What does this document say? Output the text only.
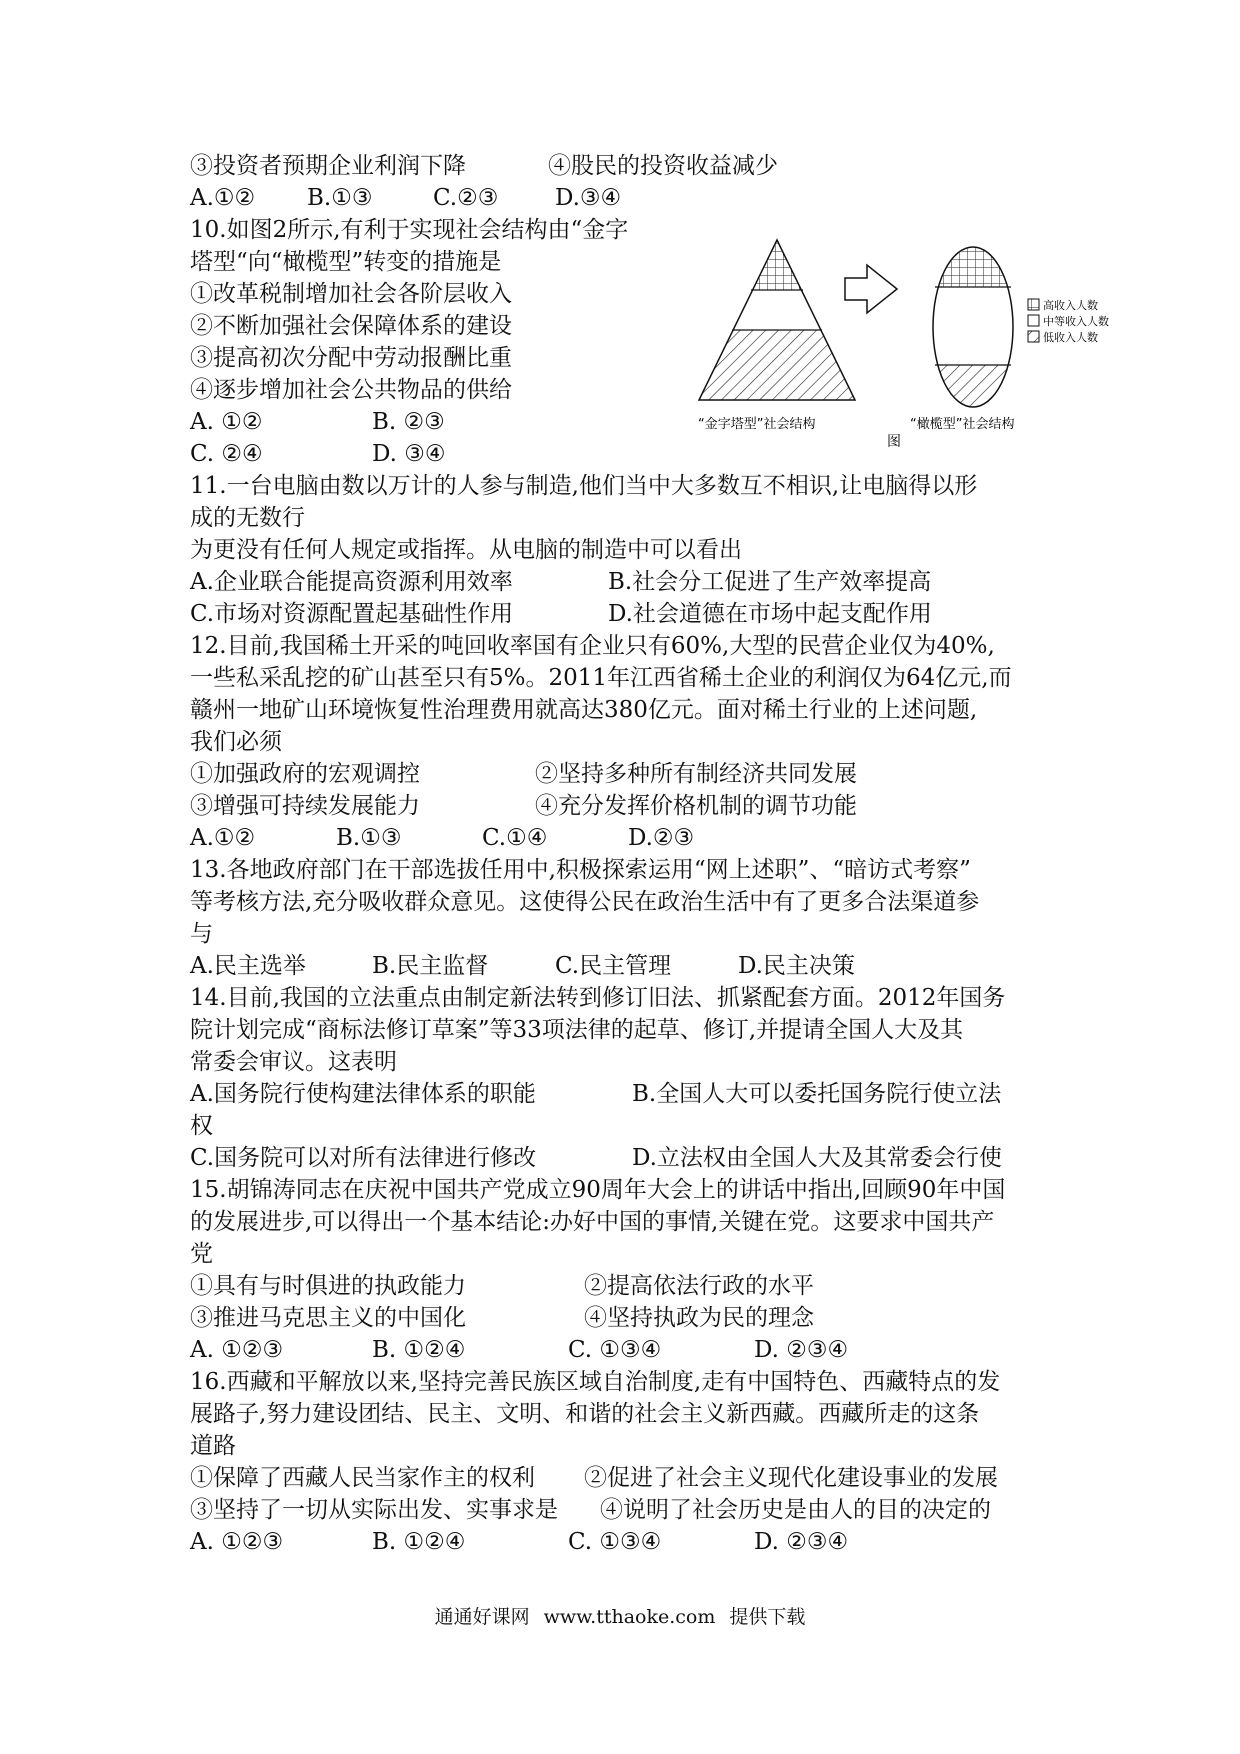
③投资者预期企业利润下降	④股民的投资收益减少
A.①② B.①③	C.②③ D.③④
10.如图2所示,有利于实现社会结构由“金字
塔型“向“橄榄型”转变的措施是
①改革税制增加社会各阶层收入
②不断加强社会保障体系的建设
③提高初次分配中劳动报酬比重
④逐步增加社会公共物品的供给
A. ①②	B. ②③
C. ②④	D. ③④
高收入人数
中等收入人数
低收入人数
“金字塔型”社会结构	“橄榄型”社会结构
图
11.一台电脑由数以万计的人参与制造,他们当中大多数互不相识,让电脑得以形
成的无数行
为更没有任何人规定或指挥。从电脑的制造中可以看出
A.企业联合能提高资源利用效率	B.社会分工促进了生产效率提高
C.市场对资源配置起基础性作用	D.社会道德在市场中起支配作用
12.目前,我国稀土开采的吨回收率国有企业只有60%,大型的民营企业仅为40%,
一些私采乱挖的矿山甚至只有5%。2011年江西省稀土企业的利润仅为64亿元,而
赣州一地矿山环境恢复性治理费用就高达380亿元。面对稀土行业的上述问题,
我们必须
①加强政府的宏观调控	②坚持多种所有制经济共同发展
③增强可持续发展能力	④充分发挥价格机制的调节功能
A.①②	B.①③	C.①④	D.②③
13.各地政府部门在干部选拔任用中,积极探索运用“网上述职”、“暗访式考察”
等考核方法,充分吸收群众意见。这使得公民在政治生活中有了更多合法渠道参
与
A.民主选举	B.民主监督	C.民主管理	D.民主决策
14.目前,我国的立法重点由制定新法转到修订旧法、抓紧配套方面。2012年国务
院计划完成“商标法修订草案”等33项法律的起草、修订,并提请全国人大及其
常委会审议。这表明
A.国务院行使构建法律体系的职能	B.全国人大可以委托国务院行使立法
权
C.国务院可以对所有法律进行修改	D.立法权由全国人大及其常委会行使
15.胡锦涛同志在庆祝中国共产党成立90周年大会上的讲话中指出,回顾90年中国
的发展进步,可以得出一个基本结论:办好中国的事情,关键在党。这要求中国共产
党
①具有与时俱进的执政能力	②提高依法行政的水平
③推进马克思主义的中国化	④坚持执政为民的理念
A. ①②③	B. ①②④	C. ①③④	D. ②③④
16.西藏和平解放以来,坚持完善民族区域自治制度,走有中国特色、西藏特点的发
展路子,努力建设团结、民主、文明、和谐的社会主义新西藏。西藏所走的这条
道路
①保障了西藏人民当家作主的权利 ②促进了社会主义现代化建设事业的发展
③坚持了一切从实际出发、实事求是 ④说明了社会历史是由人的目的决定的
A. ①②③	B. ①②④	C. ①③④	D. ②③④
通通好课网 www.tthaoke.com 提供下载
